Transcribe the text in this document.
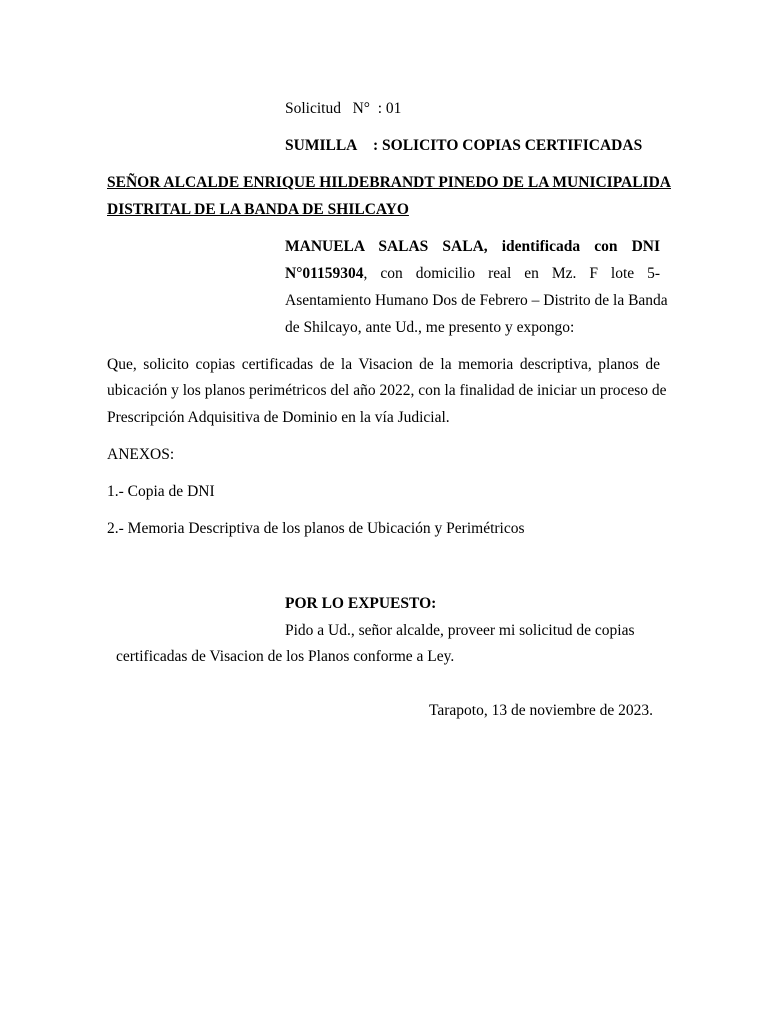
Solicitud   N°  : 01
SUMILLA : SOLICITO COPIAS CERTIFICADAS
SEÑOR ALCALDE ENRIQUE HILDEBRANDT PINEDO DE LA MUNICIPALIDA
DISTRITAL DE LA BANDA DE SHILCAYO
MANUELA SALAS SALA, identificada con DNI
N°01159304, con domicilio real en Mz. F lote 5-
Asentamiento Humano Dos de Febrero – Distrito de la Banda
de Shilcayo, ante Ud., me presento y expongo:
Que, solicito copias certificadas de la Visacion de la memoria descriptiva, planos de
ubicación y los planos perimétricos del año 2022, con la finalidad de iniciar un proceso de
Prescripción Adquisitiva de Dominio en la vía Judicial.
ANEXOS:
1.- Copia de DNI
2.- Memoria Descriptiva de los planos de Ubicación y Perimétricos
POR LO EXPUESTO:
Pido a Ud., señor alcalde, proveer mi solicitud de copias
certificadas de Visacion de los Planos conforme a Ley.
Tarapoto, 13 de noviembre de 2023.
